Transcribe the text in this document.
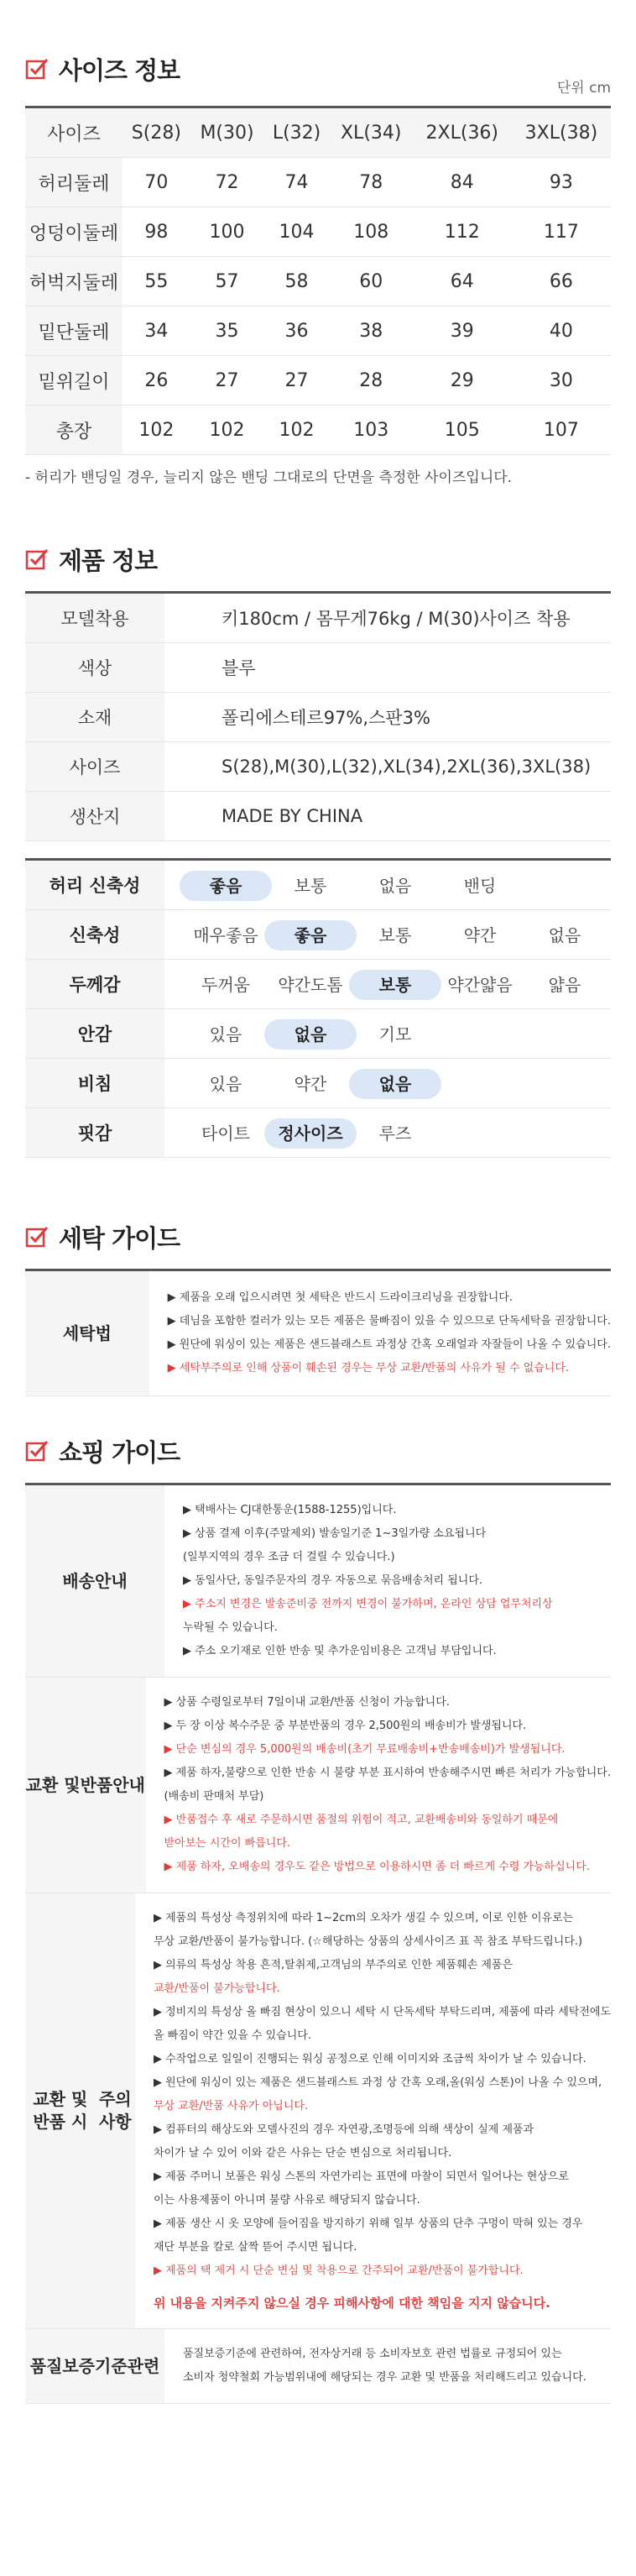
사이즈 정보
단위 cm
사이즈	S(28)	M(30)	L(32)	XL(34)	2XL(36)	3XL(38)
허리둘레	70	72	74	78	84	93
엉덩이둘레	98	100	104	108	112	117
허벅지둘레	55	57	58	60	64	66
밑단둘레	34	35	36	38	39	40
밑위길이	26	27	27	28	29	30
총장	102	102	102	103	105	107
- 허리가 밴딩일 경우, 늘리지 않은 밴딩 그대로의 단면을 측정한 사이즈입니다.
제품 정보
모델착용	키180cm / 몸무게76kg / M(30)사이즈 착용
색상	블루
소재	폴리에스테르97%,스판3%
사이즈	S(28),M(30),L(32),XL(34),2XL(36),3XL(38)
생산지	MADE BY CHINA
허리 신축성	좋음	보통	없음	밴딩
신축성	매우좋음	좋음	보통	약간	없음
두께감	두꺼움	약간도톰	보통	약간얇음	얇음
안감	있음	없음	기모
비침	있음	약간	없음
핏감	타이트	정사이즈	루즈
세탁 가이드
세탁법
▶ 제품을 오래 입으시려면 첫 세탁은 반드시 드라이크리닝을 권장합니다.
▶ 데님을 포함한 컬러가 있는 모든 제품은 물빠짐이 있을 수 있으므로 단독세탁을 권장합니다.
▶ 원단에 워싱이 있는 제품은 샌드블래스트 과정상 간혹 오래얼과 자잘들이 나올 수 있습니다.
▶ 세탁부주의로 인해 상품이 훼손된 경우는 무상 교환/반품의 사유가 될 수 없습니다.
쇼핑 가이드
배송안내
▶ 택배사는 CJ대한통운(1588-1255)입니다.
▶ 상품 결제 이후(주말제외) 발송일기준 1~3일가량 소요됩니다
(일부지역의 경우 조금 더 걸릴 수 있습니다.)
▶ 동일사단, 동일주문자의 경우 자동으로 묶음배송처리 됩니다.
▶ 주소지 변경은 발송준비중 전까지 변경이 불가하며, 온라인 상담 업무처리상
누락될 수 있습니다.
▶ 주소 오기재로 인한 반송 및 추가운임비용은 고객님 부담입니다.
교환 및 반품안내
▶ 상품 수령일로부터 7일이내 교환/반품 신청이 가능합니다.
▶ 두 장 이상 복수주문 중 부분반품의 경우 2,500원의 배송비가 발생됩니다.
▶ 단순 변심의 경우 5,000원의 배송비(초기 무료배송비+반송배송비)가 발생됩니다.
▶ 제품 하자,불량으로 인한 반송 시 불량 부분 표시하여 반송해주시면 빠른 처리가 가능합니다.
(배송비 판매처 부담)
▶ 반품접수 후 새로 주문하시면 품절의 위험이 적고, 교환배송비와 동일하기 때문에
받아보는 시간이 빠릅니다.
▶ 제품 하자, 오배송의 경우도 같은 방법으로 이용하시면 좀 더 빠르게 수령 가능하십니다.
교환 및 반품 시
주의사항
▶ 제품의 특성상 측정위치에 따라 1~2cm의 오차가 생길 수 있으며, 이로 인한 이유로는
무상 교환/반품이 불가능합니다. (☆해당하는 상품의 상세사이즈 표 꼭 참조 부탁드립니다.)
▶ 의류의 특성상 착용 흔적,탈취제,고객님의 부주의로 인한 제품훼손 제품은
교환/반품이 불가능합니다.
▶ 정비지의 특성상 올 빠짐 현상이 있으니 세탁 시 단독세탁 부탁드리며, 제품에 따라 세탁전에도
올 빠짐이 약간 있을 수 있습니다.
▶ 수작업으로 일일이 진행되는 워싱 공정으로 인해 이미지와 조금씩 차이가 날 수 있습니다.
▶ 원단에 워싱이 있는 제품은 샌드블래스트 과정 상 간혹 오래,올(워싱 스톤)이 나올 수 있으며,
무상 교환/반품 사유가 아닙니다.
▶ 컴퓨터의 해상도와 모델사진의 경우 자연광,조명등에 의해 색상이 실제 제품과
차이가 날 수 있어 이와 같은 사유는 단순 변심으로 처리됩니다.
▶ 제품 주머니 보풀은 워싱 스톤의 자연가리는 표면에 마찰이 되면서 일어나는 현상으로
이는 사용제품이 아니며 불량 사유로 해당되지 않습니다.
▶ 제품 생산 시 옷 모양에 들어짐을 방지하기 위해 일부 상품의 단추 구멍이 막혀 있는 경우
재단 부분을 칼로 살짝 뜯어 주시면 됩니다.
▶ 제품의 택 제거 시 단순 변심 및 착용으로 간주되어 교환/반품이 불가합니다.
위 내용을 지켜주지 않으실 경우 피해사항에 대한 책임을 지지 않습니다.
품질보증 기준관련
품질보증기준에 관련하여, 전자상거래 등 소비자보호 관련 법률로 규정되어 있는
소비자 청약철회 가능범위내에 해당되는 경우 교환 및 반품을 처리해드리고 있습니다.
